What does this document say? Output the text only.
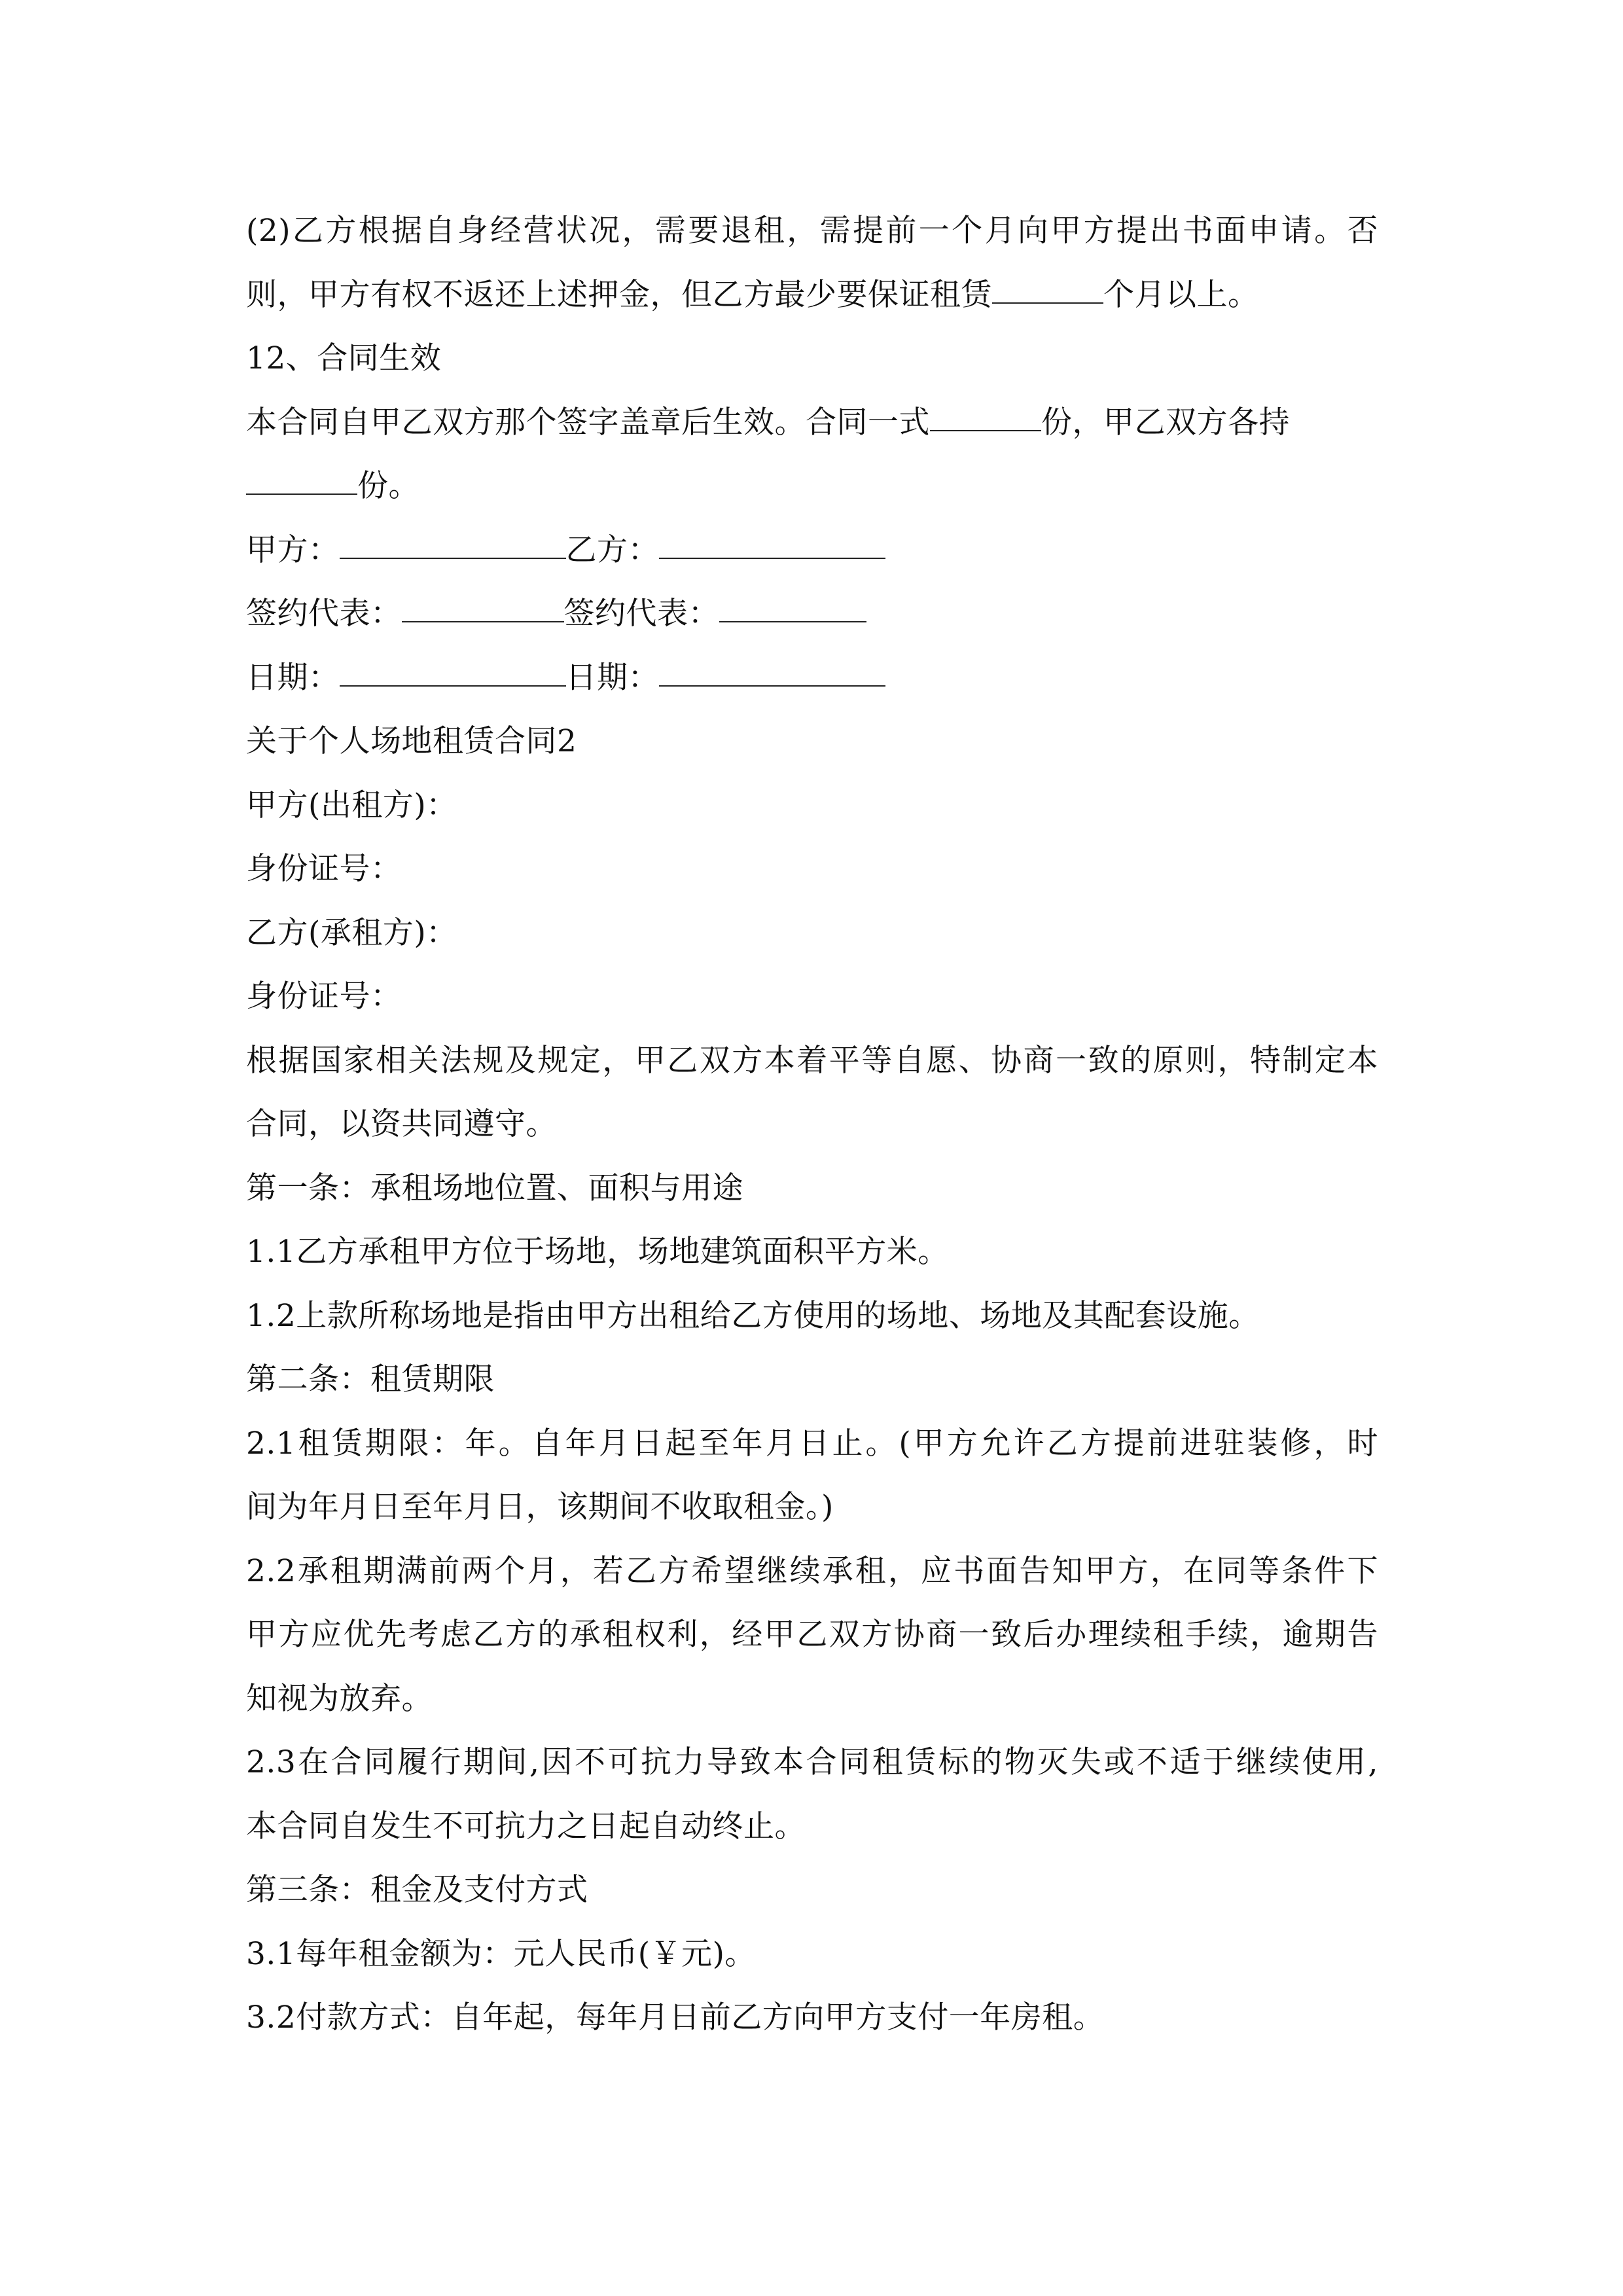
(2)乙方根据自身经营状况，需要退租，需提前一个月向甲方提出书面申请。否
则，甲方有权不返还上述押金，但乙方最少要保证租赁	个月以上。
12、合同生效
本合同自甲乙双方那个签字盖章后生效。合同一式	份，甲乙双方各持
份。
甲方：	乙方：
签约代表：	签约代表：
日期：	日期：
关于个人场地租赁合同2
甲方(出租方)：
身份证号：
乙方(承租方)：
身份证号：
根据国家相关法规及规定，甲乙双方本着平等自愿、协商一致的原则，特制定本
合同，以资共同遵守。
第一条：承租场地位置、面积与用途
1.1乙方承租甲方位于场地，场地建筑面积平方米。
1.2上款所称场地是指由甲方出租给乙方使用的场地、场地及其配套设施。
第二条：租赁期限
2.1租赁期限：年。自年月日起至年月日止。(甲方允许乙方提前进驻装修，时
间为年月日至年月日，该期间不收取租金。)
2.2承租期满前两个月，若乙方希望继续承租，应书面告知甲方，在同等条件下
甲方应优先考虑乙方的承租权利，经甲乙双方协商一致后办理续租手续，逾期告
知视为放弃。
2.3在合同履行期间,因不可抗力导致本合同租赁标的物灭失或不适于继续使用,
本合同自发生不可抗力之日起自动终止。
第三条：租金及支付方式
3.1每年租金额为：元人民币(￥元)。
3.2付款方式：自年起，每年月日前乙方向甲方支付一年房租。
